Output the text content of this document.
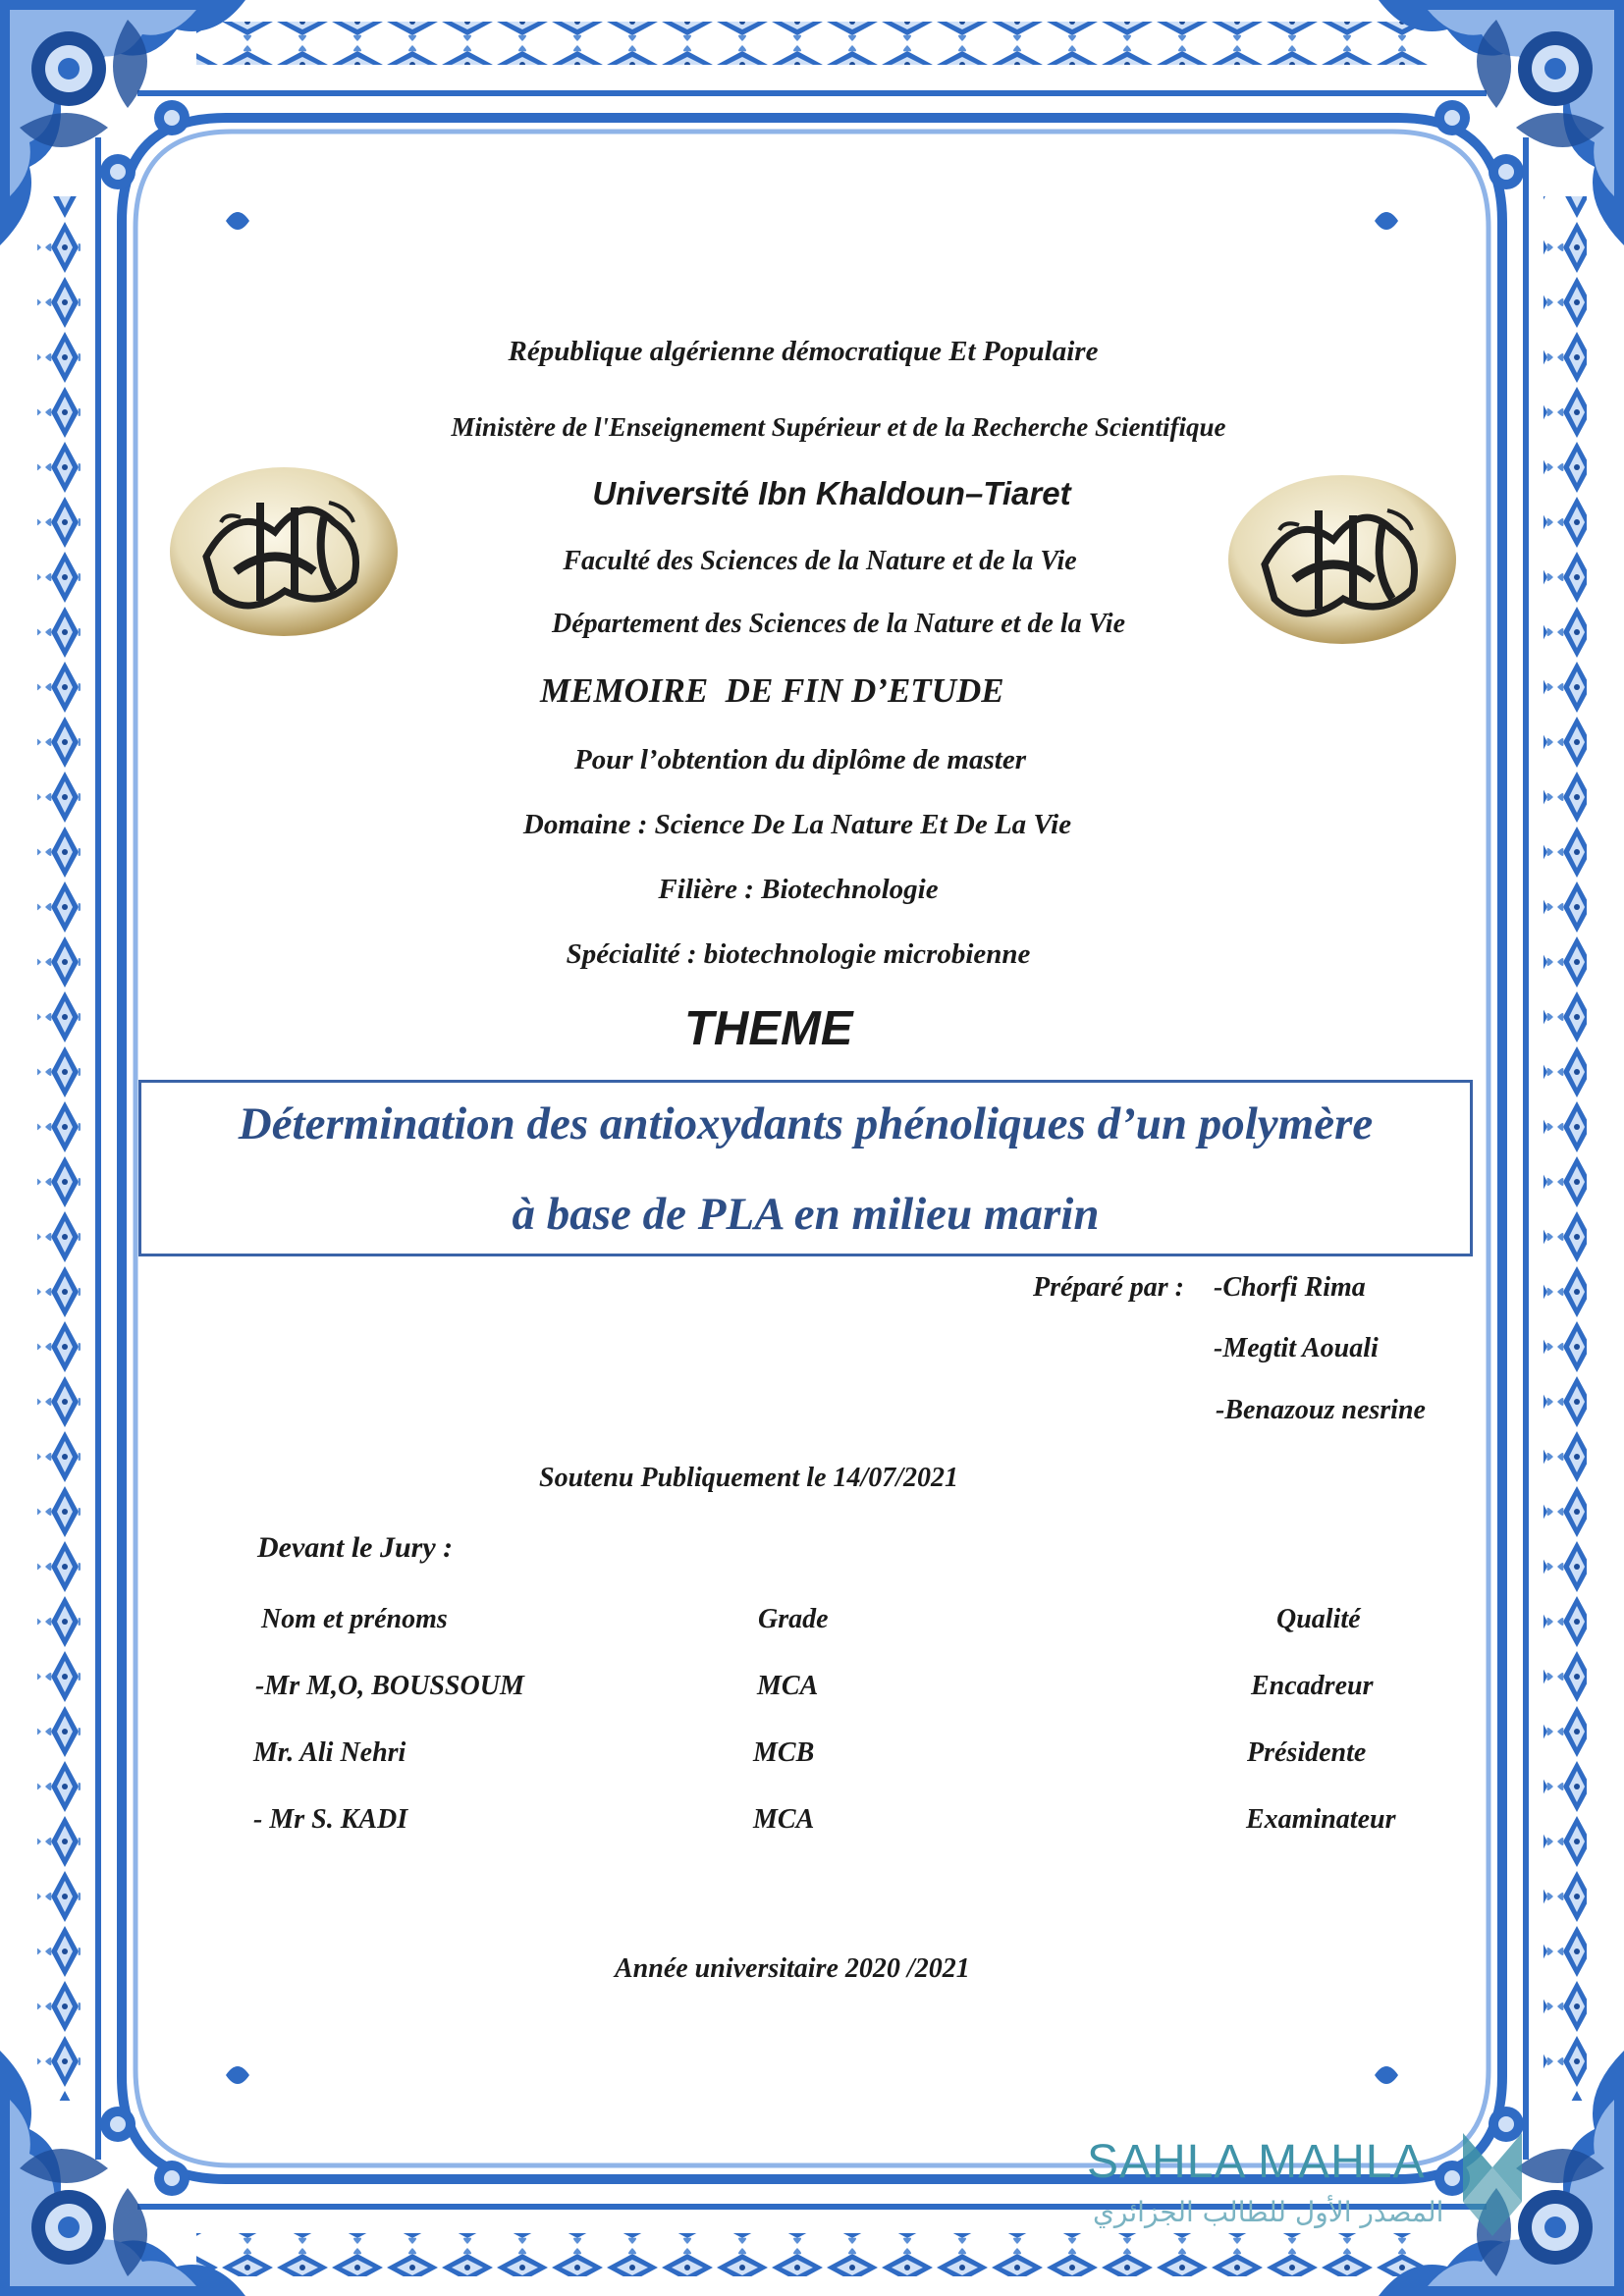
République algérienne démocratique Et Populaire
Ministère de l'Enseignement Supérieur et de la Recherche Scientifique
Université Ibn Khaldoun–Tiaret
Faculté des Sciences de la Nature et de la Vie
Département des Sciences de la Nature et de la Vie
MEMOIRE  DE FIN D’ETUDE
Pour l’obtention du diplôme de master
Domaine : Science De La Nature Et De La Vie
Filière : Biotechnologie
Spécialité : biotechnologie microbienne
THEME
Détermination des antioxydants phénoliques d’un polymère
à base de PLA en milieu marin
Préparé par : -Chorfi Rima
-Megtit Aouali
-Benazouz nesrine
Soutenu Publiquement le 14/07/2021
Devant le Jury :
Nom et prénoms	Grade	Qualité
-Mr M,O, BOUSSOUM	MCA	Encadreur
Mr. Ali Nehri	MCB	Présidente
- Mr S. KADI	MCA	Examinateur
Année universitaire 2020 /2021
SAHLA MAHLA
المصدر الأول للطالب الجزائري
